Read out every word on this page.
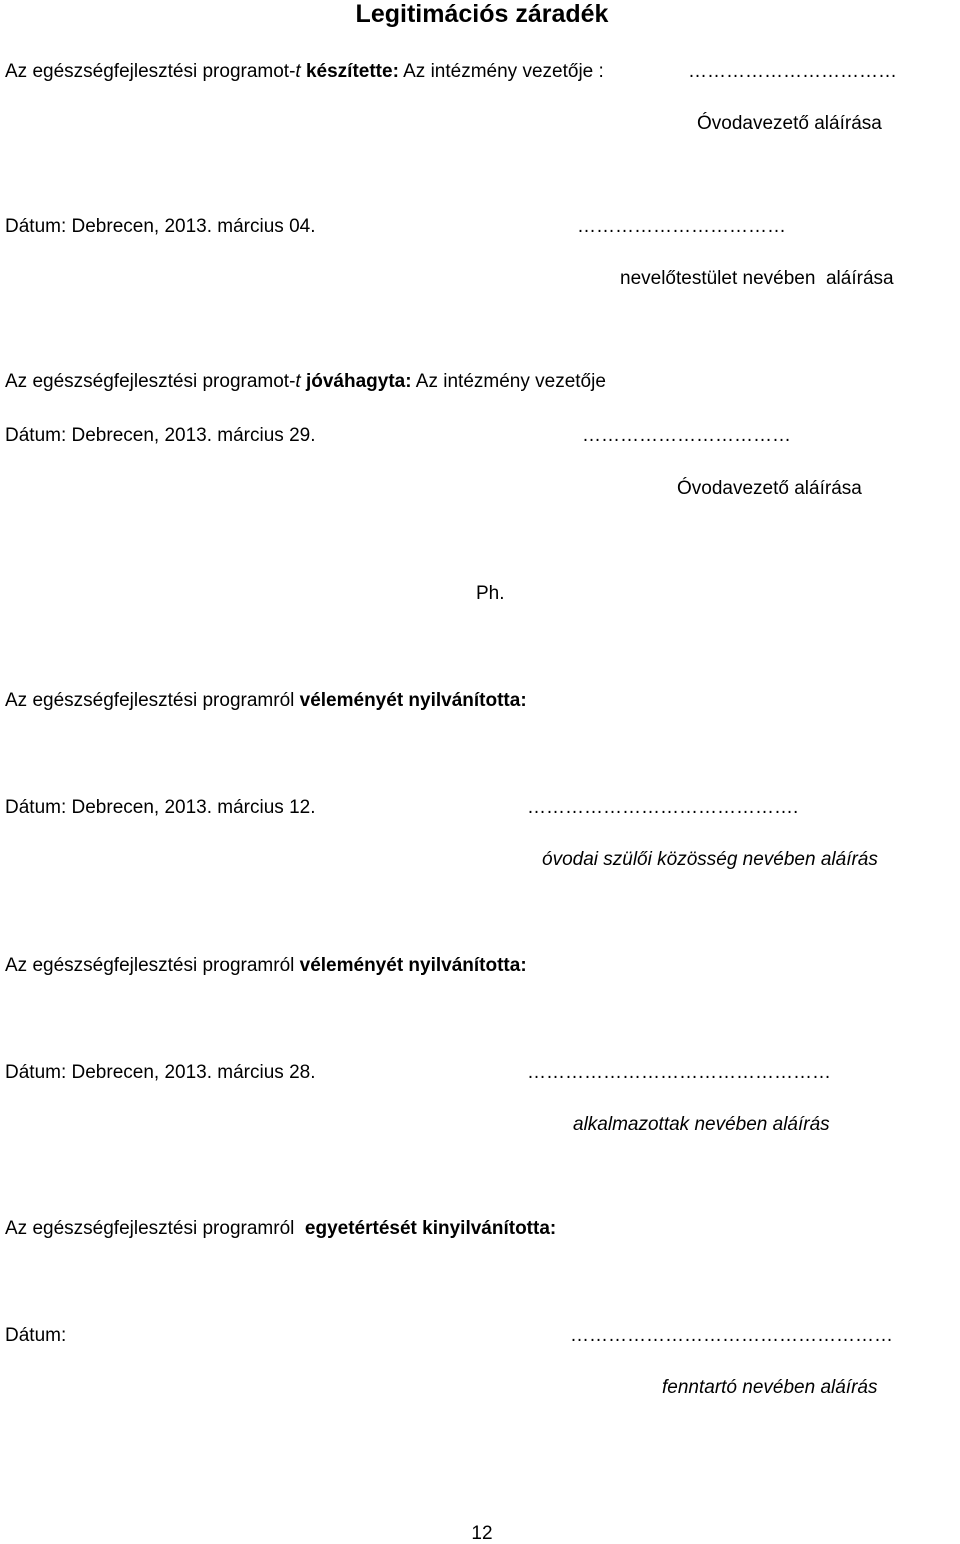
Legitimációs záradék
Az egészségfejlesztési programot-t készítette: Az intézmény vezetője :	……………………………
Óvodavezető aláírása
Dátum: Debrecen, 2013. március 04.	……………………………
nevelőtestület nevében  aláírása
Az egészségfejlesztési programot-t jóváhagyta: Az intézmény vezetője
Dátum: Debrecen, 2013. március 29.	……………………………
Óvodavezető aláírása
Ph.
Az egészségfejlesztési programról véleményét nyilvánította:
Dátum: Debrecen, 2013. március 12.	…………………………………….
óvodai szülői közösség nevében aláírás
Az egészségfejlesztési programról véleményét nyilvánította:
Dátum: Debrecen, 2013. március 28.	…………………………………………
alkalmazottak nevében aláírás
Az egészségfejlesztési programról  egyetértését kinyilvánította:
Dátum:	……………………………………………
fenntartó nevében aláírás
12
